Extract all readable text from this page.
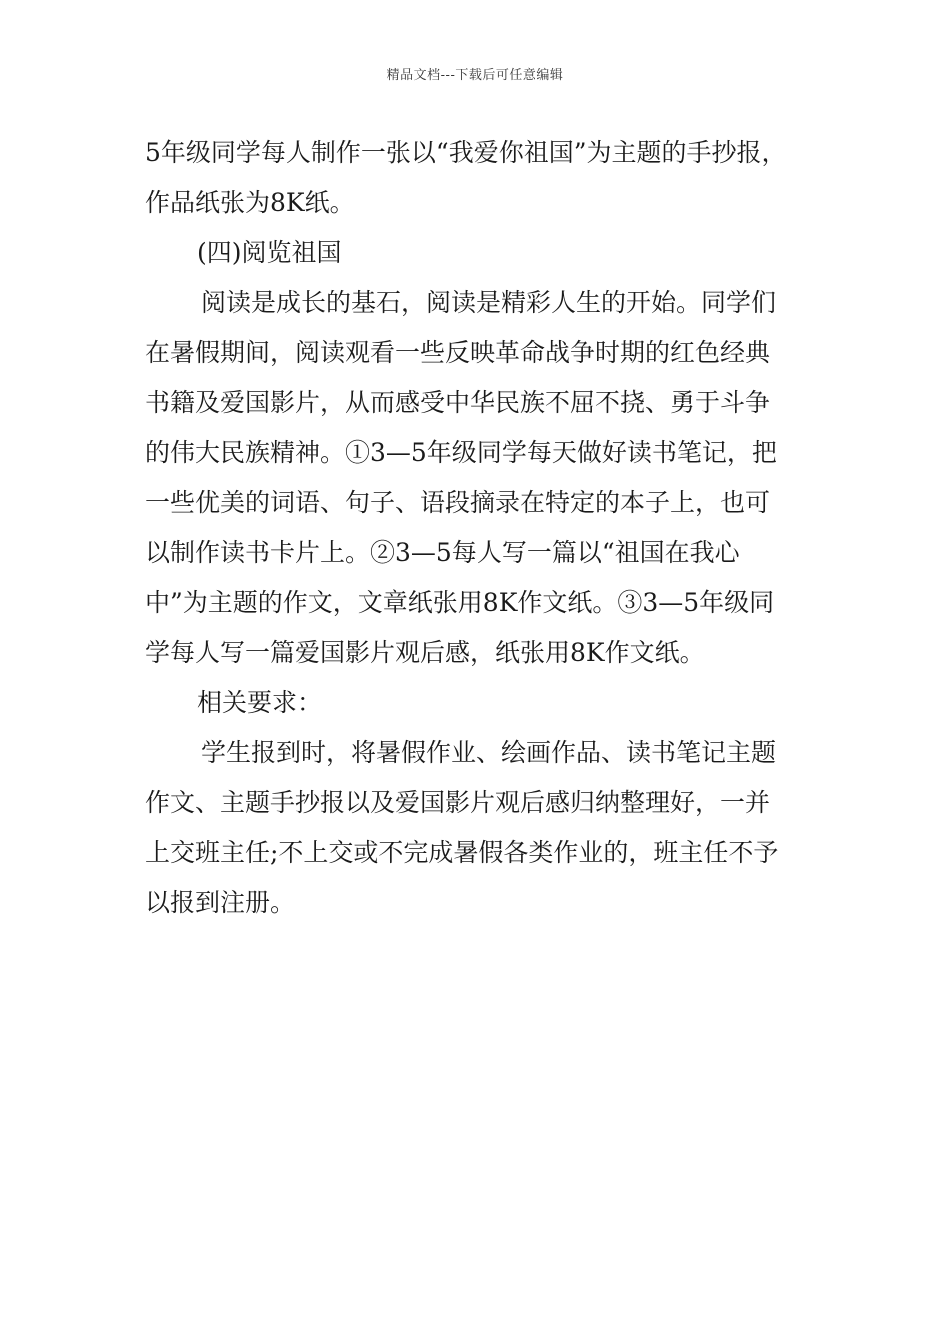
精品文档---下载后可任意编辑
5年级同学每人制作一张以“我爱你祖国”为主题的手抄报，
作品纸张为8K纸。
(四)阅览祖国
阅读是成长的基石，阅读是精彩人生的开始。同学们
在暑假期间，阅读观看一些反映革命战争时期的红色经典
书籍及爱国影片，从而感受中华民族不屈不挠、勇于斗争
的伟大民族精神。①3—5年级同学每天做好读书笔记，把
一些优美的词语、句子、语段摘录在特定的本子上，也可
以制作读书卡片上。②3—5每人写一篇以“祖国在我心
中”为主题的作文，文章纸张用8K作文纸。③3—5年级同
学每人写一篇爱国影片观后感，纸张用8K作文纸。
相关要求：
学生报到时，将暑假作业、绘画作品、读书笔记主题
作文、主题手抄报以及爱国影片观后感归纳整理好，一并
上交班主任;不上交或不完成暑假各类作业的，班主任不予
以报到注册。
